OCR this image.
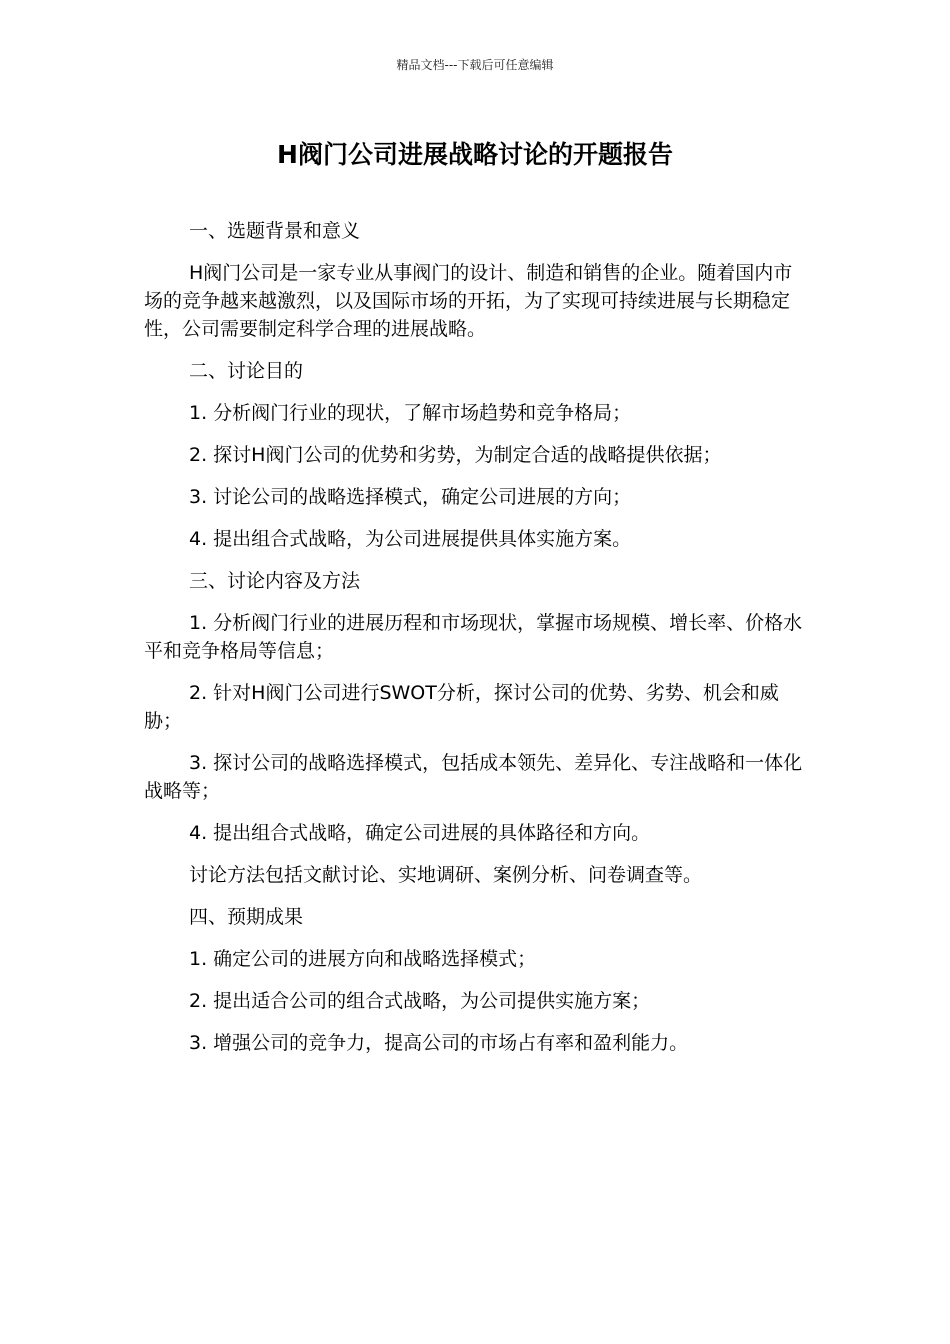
精品文档---下载后可任意编辑
H阀门公司进展战略讨论的开题报告

一、选题背景和意义

H阀门公司是一家专业从事阀门的设计、制造和销售的企业。随着国内市场的竞争越来越激烈，以及国际市场的开拓，为了实现可持续进展与长期稳定性，公司需要制定科学合理的进展战略。

二、讨论目的

1. 分析阀门行业的现状，了解市场趋势和竞争格局；

2. 探讨H阀门公司的优势和劣势，为制定合适的战略提供依据；

3. 讨论公司的战略选择模式，确定公司进展的方向；

4. 提出组合式战略，为公司进展提供具体实施方案。

三、讨论内容及方法

1. 分析阀门行业的进展历程和市场现状，掌握市场规模、增长率、价格水平和竞争格局等信息；

2. 针对H阀门公司进行SWOT分析，探讨公司的优势、劣势、机会和威胁；

3. 探讨公司的战略选择模式，包括成本领先、差异化、专注战略和一体化战略等；

4. 提出组合式战略，确定公司进展的具体路径和方向。

讨论方法包括文献讨论、实地调研、案例分析、问卷调查等。

四、预期成果

1. 确定公司的进展方向和战略选择模式；

2. 提出适合公司的组合式战略，为公司提供实施方案；

3. 增强公司的竞争力，提高公司的市场占有率和盈利能力。
